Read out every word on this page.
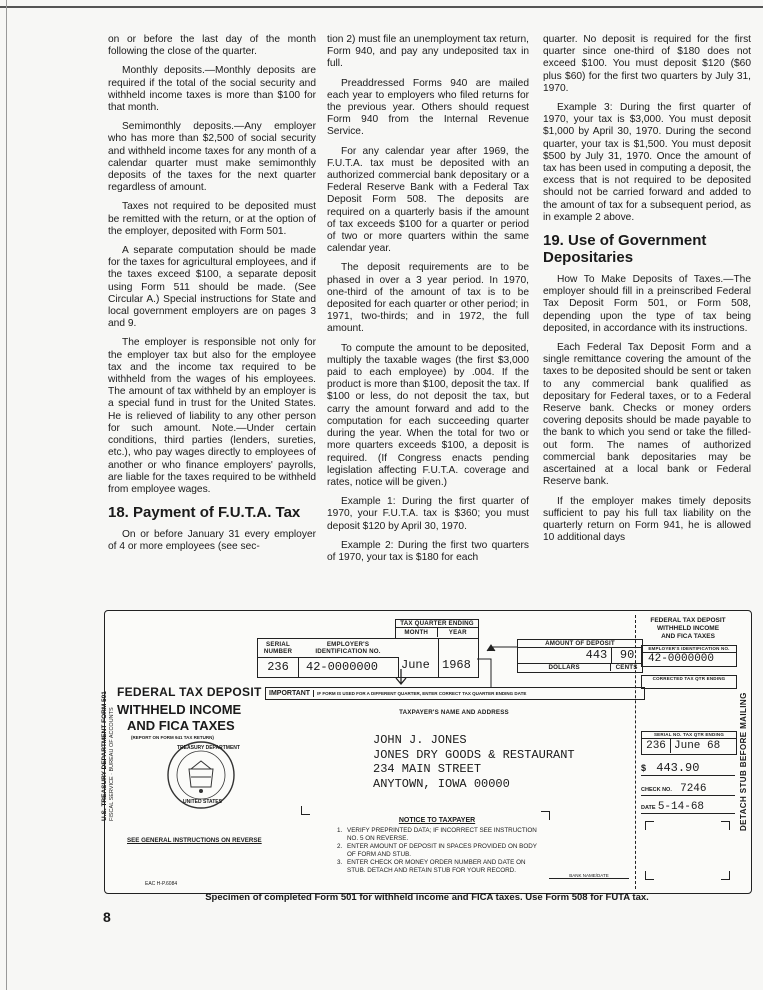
on or before the last day of the month following the close of the quarter.

Monthly deposits.—Monthly deposits are required if the total of the social security and withheld income taxes is more than $100 for that month.

Semimonthly deposits.—Any employer who has more than $2,500 of social security and withheld income taxes for any month of a calendar quarter must make semimonthly deposits of the taxes for the next quarter regardless of amount.

Taxes not required to be deposited must be remitted with the return, or at the option of the employer, deposited with Form 501.

A separate computation should be made for the taxes for agricultural employees, and if the taxes exceed $100, a separate deposit using Form 511 should be made. (See Circular A.) Special instructions for State and local government employers are on pages 3 and 9.

The employer is responsible not only for the employer tax but also for the employee tax and the income tax required to be withheld from the wages of his employees. The amount of tax withheld by an employer is a special fund in trust for the United States. He is relieved of liability to any other person for such amount. Note.—Under certain conditions, third parties (lenders, sureties, etc.), who pay wages directly to employees of another or who finance employers' payrolls, are liable for the taxes required to be withheld from employee wages.

18. Payment of F.U.T.A. Tax

On or before January 31 every employer of 4 or more employees (see sec-

tion 2) must file an unemployment tax return, Form 940, and pay any undeposited tax in full.

Preaddressed Forms 940 are mailed each year to employers who filed returns for the previous year. Others should request Form 940 from the Internal Revenue Service.

For any calendar year after 1969, the F.U.T.A. tax must be deposited with an authorized commercial bank depositary or a Federal Reserve Bank with a Federal Tax Deposit Form 508. The deposits are required on a quarterly basis if the amount of tax exceeds $100 for a quarter or period of two or more quarters within the same calendar year.

The deposit requirements are to be phased in over a 3 year period. In 1970, one-third of the amount of tax is to be deposited for each quarter or other period; in 1971, two-thirds; and in 1972, the full amount.

To compute the amount to be deposited, multiply the taxable wages (the first $3,000 paid to each employee) by .004. If the product is more than $100, deposit the tax. If $100 or less, do not deposit the tax, but carry the amount forward and add to the computation for each succeeding quarter during the year. When the total for two or more quarters exceeds $100, a deposit is required. (If Congress enacts pending legislation affecting F.U.T.A. coverage and rates, notice will be given.)

Example 1: During the first quarter of 1970, your F.U.T.A. tax is $360; you must deposit $120 by April 30, 1970.

Example 2: During the first two quarters of 1970, your tax is $180 for each

quarter. No deposit is required for the first quarter since one-third of $180 does not exceed $100. You must deposit $120 ($60 plus $60) for the first two quarters by July 31, 1970.

Example 3: During the first quarter of 1970, your tax is $3,000. You must deposit $1,000 by April 30, 1970. During the second quarter, your tax is $1,500. You must deposit $500 by July 31, 1970. Once the amount of tax has been used in computing a deposit, the excess that is not required to be deposited should not be carried forward and added to the amount of tax for a subsequent period, as in example 2 above.

19. Use of Government Depositaries

How To Make Deposits of Taxes.—The employer should fill in a preinscribed Federal Tax Deposit Form 501, or Form 508, depending upon the type of tax being deposited, in accordance with its instructions.

Each Federal Tax Deposit Form and a single remittance covering the amount of the taxes to be deposited should be sent or taken to any commercial bank qualified as depositary for Federal taxes, or to a Federal Reserve bank. Checks or money orders covering deposits should be made payable to the bank to which you send or take the filled-out form. The names of authorized commercial bank depositaries may be ascertained at a local bank or Federal Reserve bank.

If the employer makes timely deposits sufficient to pay his full tax liability on the quarterly return on Form 941, he is allowed 10 additional days

U.S. TREASURY DEPARTMENT FORM 501 FISCAL SERVICE · BUREAU OF ACCOUNTS
TAX QUARTER ENDING
MONTH	YEAR
SERIAL NUMBER
EMPLOYER'S IDENTIFICATION NO.
236	42-0000000	June 1968
AMOUNT OF DEPOSIT
443	90
DOLLARS	CENTS
FEDERAL TAX DEPOSIT
WITHHELD INCOME
AND FICA TAXES
(REPORT ON FORM 941 TAX RETURN)
IMPORTANT	IF FORM IS USED FOR A DIFFERENT QUARTER, ENTER CORRECT TAX QUARTER ENDING DATE
TREASURY DEPARTMENT
UNITED STATES
TAXPAYER'S NAME AND ADDRESS
JOHN J. JONES
JONES DRY GOODS & RESTAURANT
234 MAIN STREET
ANYTOWN, IOWA 00000
SEE GENERAL INSTRUCTIONS ON REVERSE
NOTICE TO TAXPAYER
1. VERIFY PREPRINTED DATA; IF INCORRECT SEE INSTRUCTION NO. 5 ON REVERSE.
2. ENTER AMOUNT OF DEPOSIT IN SPACES PROVIDED ON BODY OF FORM AND STUB.
3. ENTER CHECK OR MONEY ORDER NUMBER AND DATE ON STUB. DETACH AND RETAIN STUB FOR YOUR RECORD.
BANK NAME/DATE
EAC H-P.6084
FEDERAL TAX DEPOSIT
WITHHELD INCOME
AND FICA TAXES
EMPLOYER'S IDENTIFICATION NO.
42-0000000
CORRECTED TAX QTR ENDING
SERIAL NO. TAX QTR ENDING
236 June 68
$ 443.90
CHECK NO. 7246
DATE 5-14-68	DETACH STUB BEFORE MAILING
Specimen of completed Form 501 for withheld income and FICA taxes. Use Form 508 for FUTA tax.
8
